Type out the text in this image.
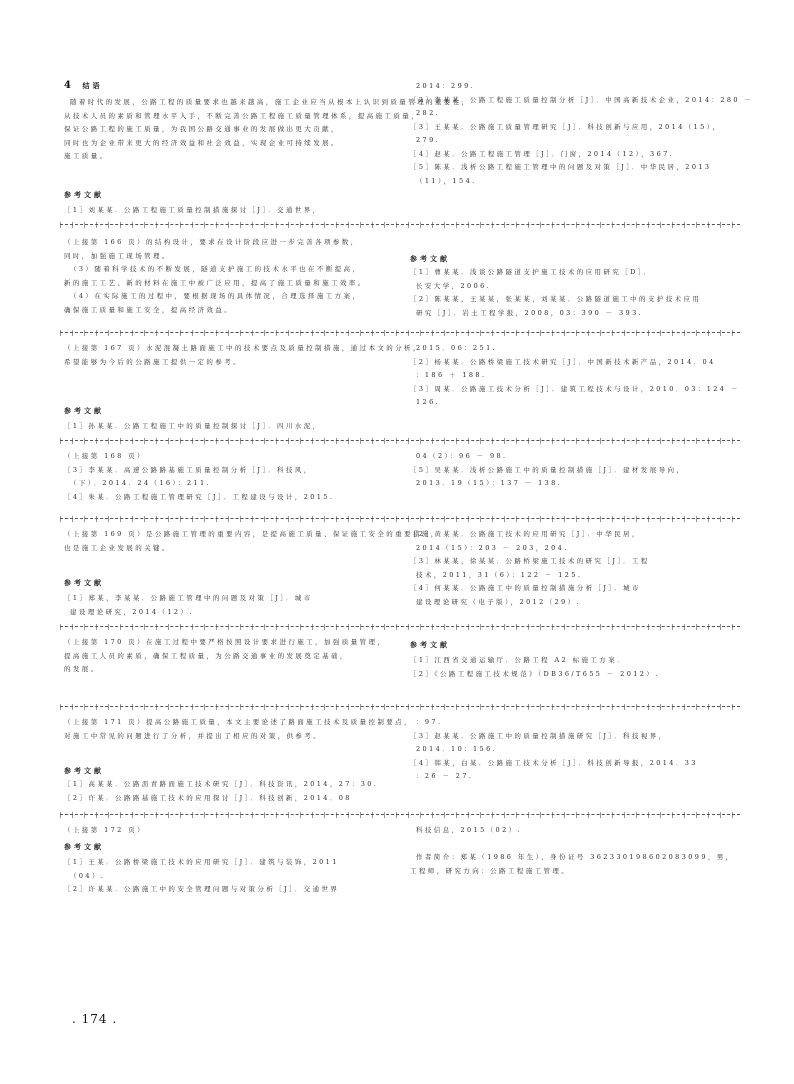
4 结语
随着时代的发展，公路工程的质量要求也越来越高，施工企业应当从根本上认识到质量管理的重要性，
从技术人员的素质和管理水平入手，不断完善公路工程施工质量管理体系，提高施工质量，
保证公路工程的施工质量，为我国公路交通事业的发展做出更大贡献，
同时也为企业带来更大的经济效益和社会效益，实现企业可持续发展。
施工质量。
参考文献
［1］刘某某．公路工程施工质量控制措施探讨［J］．交通世界，
2014：299.
［2］李某某．公路工程施工质量控制分析［J］．中国高新技术企业，2014：280 －
282.
［3］王某某．公路施工质量管理研究［J］．科技创新与应用，2014（15），
279.
［4］赵某．公路工程施工管理［J］．门窗，2014（12），367.
［5］陈某．浅析公路工程施工管理中的问题及对策［J］．中华民居，2013
（11），154.
（上接第 166 页）的结构设计，要求在设计阶段应进一步完善各项参数，
同时，加强施工现场管理。
（3）随着科学技术的不断发展，隧道支护施工的技术水平也在不断提高，
新的施工工艺、新的材料在施工中被广泛应用，提高了施工质量和施工效率。
（4）在实际施工的过程中，要根据现场的具体情况，合理选择施工方案，
确保施工质量和施工安全，提高经济效益。
参考文献
［1］曹某某．浅谈公路隧道支护施工技术的应用研究［D］．
长安大学，2006.
［2］陈某某，王某某，张某某，刘某某．公路隧道施工中的支护技术应用
研究［J］．岩土工程学报，2008，03：390 － 393.
（上接第 167 页）水泥混凝土路面施工中的技术要点及质量控制措施，通过本文的分析，
希望能够为今后的公路施工提供一定的参考。
参考文献
［1］孙某某．公路工程施工中的质量控制探讨［J］．四川水泥，
2015．06：251.
［2］杨某某．公路桥梁施工技术研究［J］．中国新技术新产品，2014．04
：186 ＋ 188.
［3］周某．公路施工技术分析［J］．建筑工程技术与设计，2010．03：124 －
126.
（上接第 168 页）
［3］李某某．高速公路路基施工质量控制分析［J］．科技风，
（下）．2014．24（16）：211.
［4］朱某．公路工程施工管理研究［J］．工程建设与设计，2015.
04（2）：96 － 98.
［5］吴某某．浅析公路施工中的质量控制措施［J］．建材发展导向，
2013．19（15）：137 － 138.
（上接第 169 页）是公路施工管理的重要内容，是提高施工质量、保证施工安全的重要措施，
也是施工企业发展的关键。
参考文献
［1］郑某，李某某．公路施工管理中的问题及对策［J］．城市
建设理论研究，2014（12）.
［2］黄某某．公路施工技术的应用研究［J］．中华民居，
2014（15）：203 － 203，204.
［3］林某某，徐某某．公路桥梁施工技术的研究［J］．工程
技术，2011，31（6）：122 － 125.
［4］何某某．公路施工中的质量控制措施分析［J］．城市
建设理论研究（电子版），2012（29）.
（上接第 170 页）在施工过程中要严格按照设计要求进行施工，加强质量管理，
提高施工人员的素质，确保工程质量，为公路交通事业的发展奠定基础，
的发展。
参考文献
［1］江西省交通运输厅．公路工程 A2 标施工方案．
［2］《公路工程施工技术规范》（DB36/T655 － 2012）.
（上接第 171 页）提高公路施工质量，本文主要论述了路面施工技术及质量控制要点，
对施工中常见的问题进行了分析，并提出了相应的对策，供参考。
参考文献
［1］高某某．公路沥青路面施工技术研究［J］．科技资讯，2014，27：30.
［2］许某．公路路基施工技术的应用探讨［J］．科技创新，2014．08
：97.
［3］赵某某．公路施工中的质量控制措施研究［J］．科技视界，
2014．10：156.
［4］韩某，白某．公路施工技术分析［J］．科技创新导报，2014．33
：26 － 27.
（上接第 172 页）
参考文献
［1］王某．公路桥梁施工技术的应用研究［J］．建筑与装饰，2011
（04）.
［2］许某某．公路施工中的安全管理问题与对策分析［J］．交通世界
科技信息，2015（02）.
作者简介：郑某（1986 年生），身份证号 362330198602083099，男，
工程师，研究方向：公路工程施工管理。
. 174 .
